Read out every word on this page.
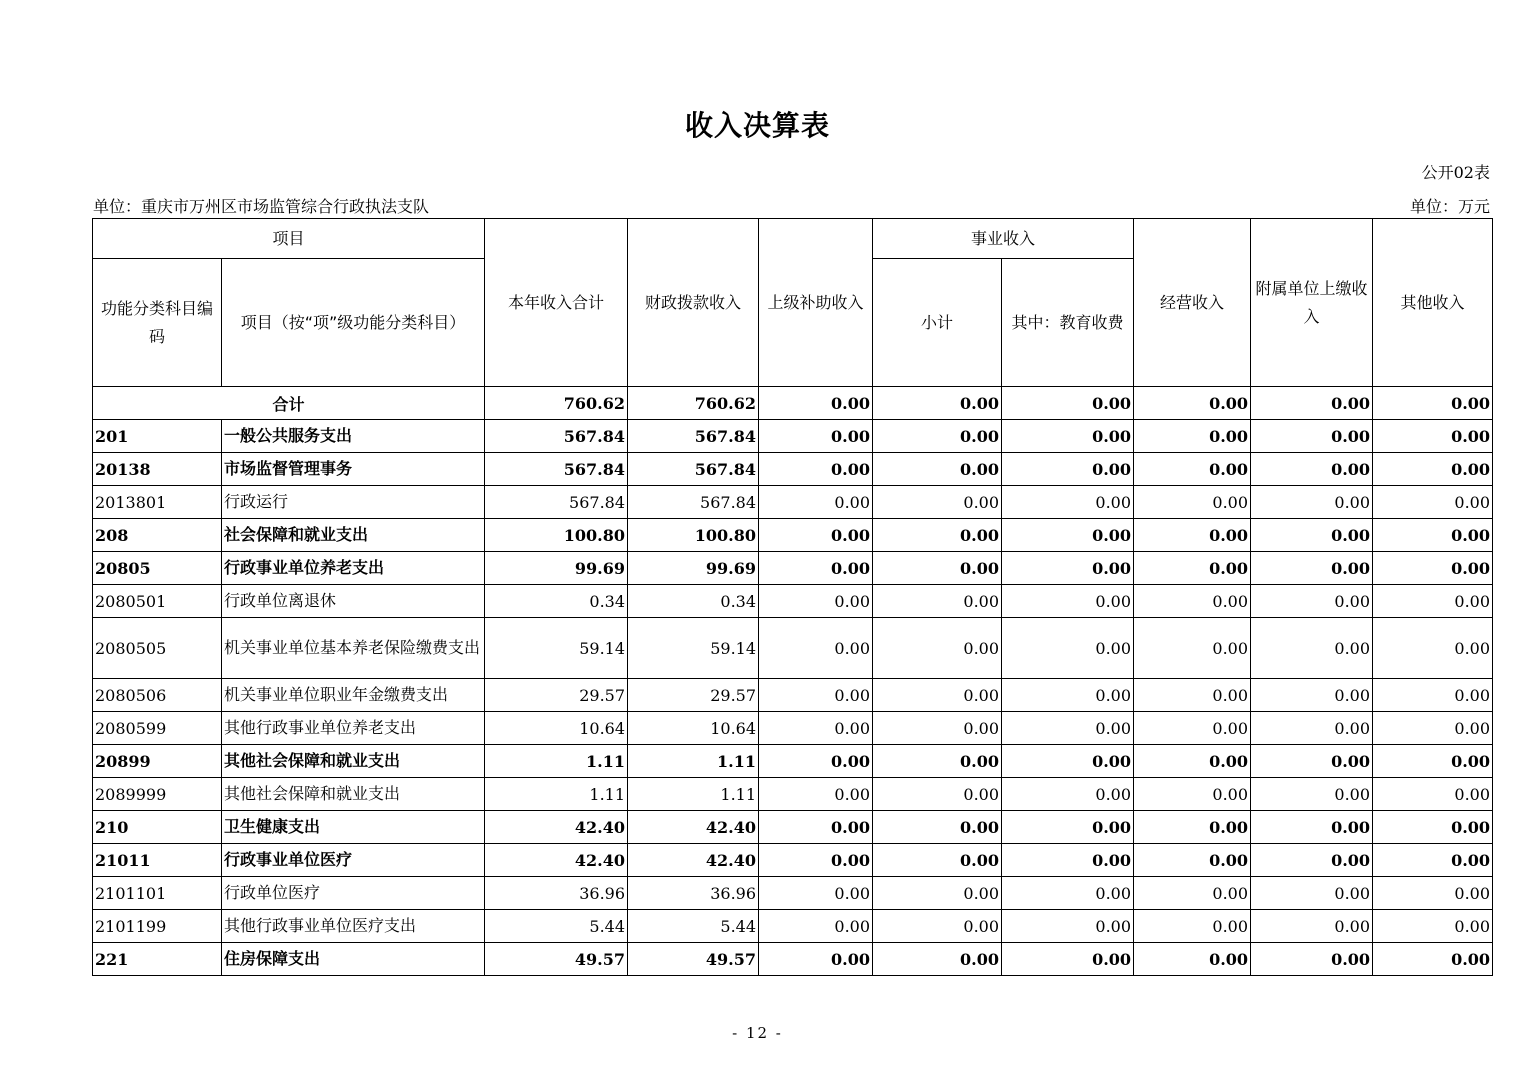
收入决算表
公开02表
单位：重庆市万州区市场监管综合行政执法支队	单位：万元
项目		本年收入合计	财政拨款收入	上级补助收入	事业收入		经营收入	附属单位上缴收入	其他收入
功能分类科目编码	项目（按“项”级功能分类科目）				小计	其中：教育收费			
合计		760.62	760.62	0.00	0.00	0.00	0.00	0.00	0.00
201	一般公共服务支出	567.84	567.84	0.00	0.00	0.00	0.00	0.00	0.00
20138	市场监督管理事务	567.84	567.84	0.00	0.00	0.00	0.00	0.00	0.00
2013801	行政运行	567.84	567.84	0.00	0.00	0.00	0.00	0.00	0.00
208	社会保障和就业支出	100.80	100.80	0.00	0.00	0.00	0.00	0.00	0.00
20805	行政事业单位养老支出	99.69	99.69	0.00	0.00	0.00	0.00	0.00	0.00
2080501	行政单位离退休	0.34	0.34	0.00	0.00	0.00	0.00	0.00	0.00
2080505	机关事业单位基本养老保险缴费支出	59.14	59.14	0.00	0.00	0.00	0.00	0.00	0.00
2080506	机关事业单位职业年金缴费支出	29.57	29.57	0.00	0.00	0.00	0.00	0.00	0.00
2080599	其他行政事业单位养老支出	10.64	10.64	0.00	0.00	0.00	0.00	0.00	0.00
20899	其他社会保障和就业支出	1.11	1.11	0.00	0.00	0.00	0.00	0.00	0.00
2089999	其他社会保障和就业支出	1.11	1.11	0.00	0.00	0.00	0.00	0.00	0.00
210	卫生健康支出	42.40	42.40	0.00	0.00	0.00	0.00	0.00	0.00
21011	行政事业单位医疗	42.40	42.40	0.00	0.00	0.00	0.00	0.00	0.00
2101101	行政单位医疗	36.96	36.96	0.00	0.00	0.00	0.00	0.00	0.00
2101199	其他行政事业单位医疗支出	5.44	5.44	0.00	0.00	0.00	0.00	0.00	0.00
221	住房保障支出	49.57	49.57	0.00	0.00	0.00	0.00	0.00	0.00
- 12 -
